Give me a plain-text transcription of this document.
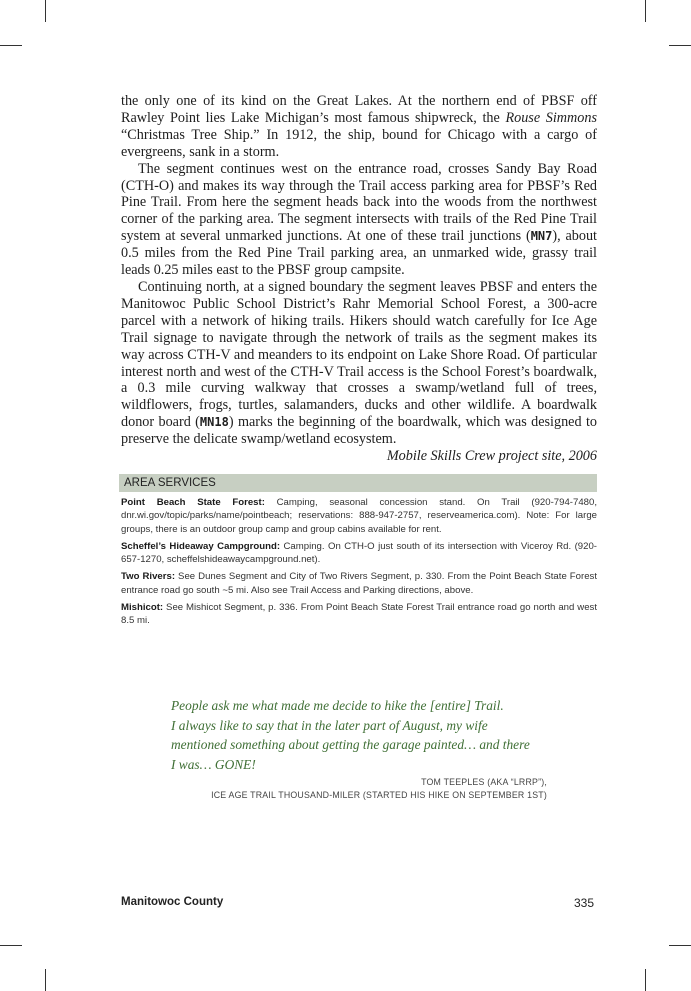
the only one of its kind on the Great Lakes. At the northern end of PBSF off Rawley Point lies Lake Michigan’s most famous shipwreck, the Rouse Simmons “Christmas Tree Ship.” In 1912, the ship, bound for Chicago with a cargo of evergreens, sank in a storm.

The segment continues west on the entrance road, crosses Sandy Bay Road (CTH-O) and makes its way through the Trail access parking area for PBSF’s Red Pine Trail. From here the segment heads back into the woods from the northwest corner of the parking area. The segment intersects with trails of the Red Pine Trail system at several unmarked junctions. At one of these trail junctions (MN7), about 0.5 miles from the Red Pine Trail parking area, an unmarked wide, grassy trail leads 0.25 miles east to the PBSF group campsite.

Continuing north, at a signed boundary the segment leaves PBSF and enters the Manitowoc Public School District’s Rahr Memorial School Forest, a 300-acre parcel with a network of hiking trails. Hikers should watch carefully for Ice Age Trail signage to navigate through the network of trails as the segment makes its way across CTH-V and meanders to its endpoint on Lake Shore Road. Of particular interest north and west of the CTH-V Trail access is the School Forest’s boardwalk, a 0.3 mile curving walkway that crosses a swamp/wetland full of trees, wildflowers, frogs, turtles, salamanders, ducks and other wildlife. A boardwalk donor board (MN18) marks the beginning of the boardwalk, which was designed to preserve the delicate swamp/wetland ecosystem.

Mobile Skills Crew project site, 2006

AREA SERVICES

Point Beach State Forest: Camping, seasonal concession stand. On Trail (920-794-7480, dnr.wi.gov/topic/parks/name/pointbeach; reservations: 888-947-2757, reserveamerica.com). Note: For large groups, there is an outdoor group camp and group cabins available for rent.

Scheffel’s Hideaway Campground: Camping. On CTH-O just south of its intersection with Viceroy Rd. (920-657-1270, scheffelshideawaycampground.net).

Two Rivers: See Dunes Segment and City of Two Rivers Segment, p. 330. From the Point Beach State Forest entrance road go south ~5 mi. Also see Trail Access and Parking directions, above.

Mishicot: See Mishicot Segment, p. 336. From Point Beach State Forest Trail entrance road go north and west 8.5 mi.

People ask me what made me decide to hike the [entire] Trail.
I always like to say that in the later part of August, my wife
mentioned something about getting the garage painted… and there
I was… GONE!
TOM TEEPLES (AKA “LRRP”),
ICE AGE TRAIL THOUSAND-MILER (STARTED HIS HIKE ON SEPTEMBER 1ST)
Manitowoc County	335
